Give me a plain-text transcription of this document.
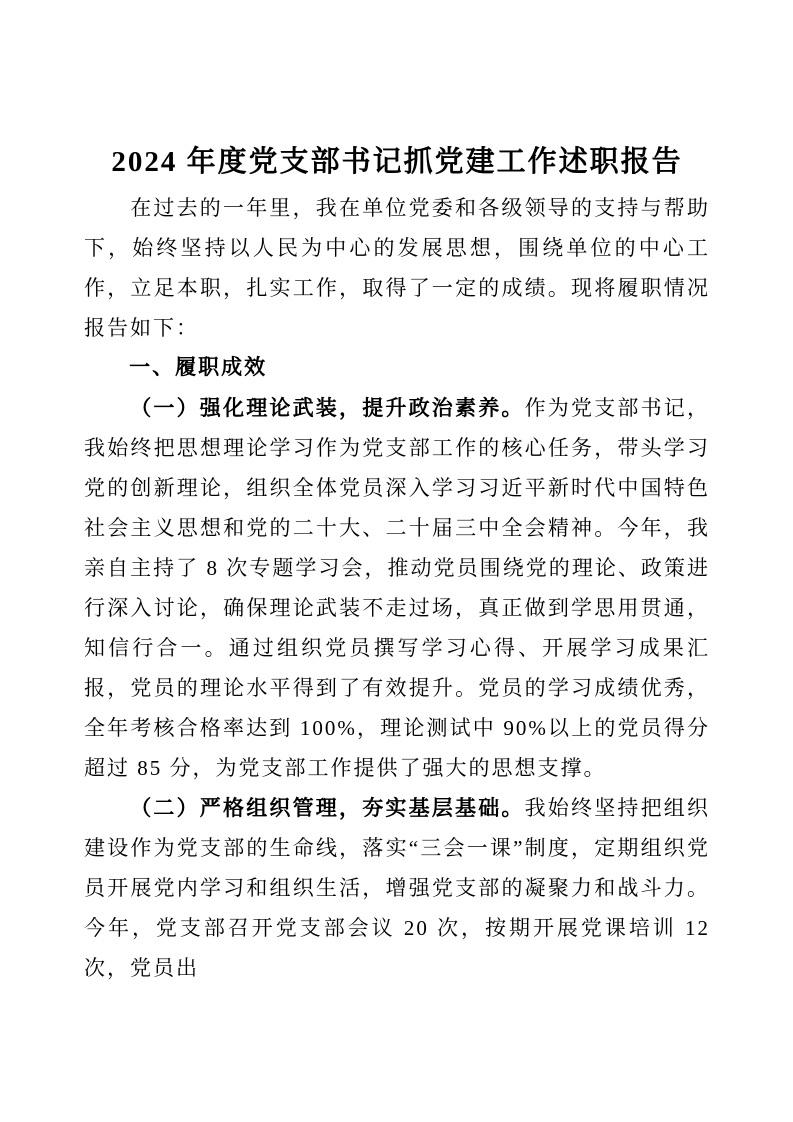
2024 年度党支部书记抓党建工作述职报告

在过去的一年里，我在单位党委和各级领导的支持与帮助下，始终坚持以人民为中心的发展思想，围绕单位的中心工作，立足本职，扎实工作，取得了一定的成绩。现将履职情况报告如下：

一、履职成效

（一）强化理论武装，提升政治素养。作为党支部书记，我始终把思想理论学习作为党支部工作的核心任务，带头学习党的创新理论，组织全体党员深入学习习近平新时代中国特色社会主义思想和党的二十大、二十届三中全会精神。今年，我亲自主持了 8 次专题学习会，推动党员围绕党的理论、政策进行深入讨论，确保理论武装不走过场，真正做到学思用贯通，知信行合一。通过组织党员撰写学习心得、开展学习成果汇报，党员的理论水平得到了有效提升。党员的学习成绩优秀，全年考核合格率达到 100%，理论测试中 90%以上的党员得分超过 85 分，为党支部工作提供了强大的思想支撑。

（二）严格组织管理，夯实基层基础。我始终坚持把组织建设作为党支部的生命线，落实“三会一课”制度，定期组织党员开展党内学习和组织生活，增强党支部的凝聚力和战斗力。今年，党支部召开党支部会议 20 次，按期开展党课培训 12 次，党员出
